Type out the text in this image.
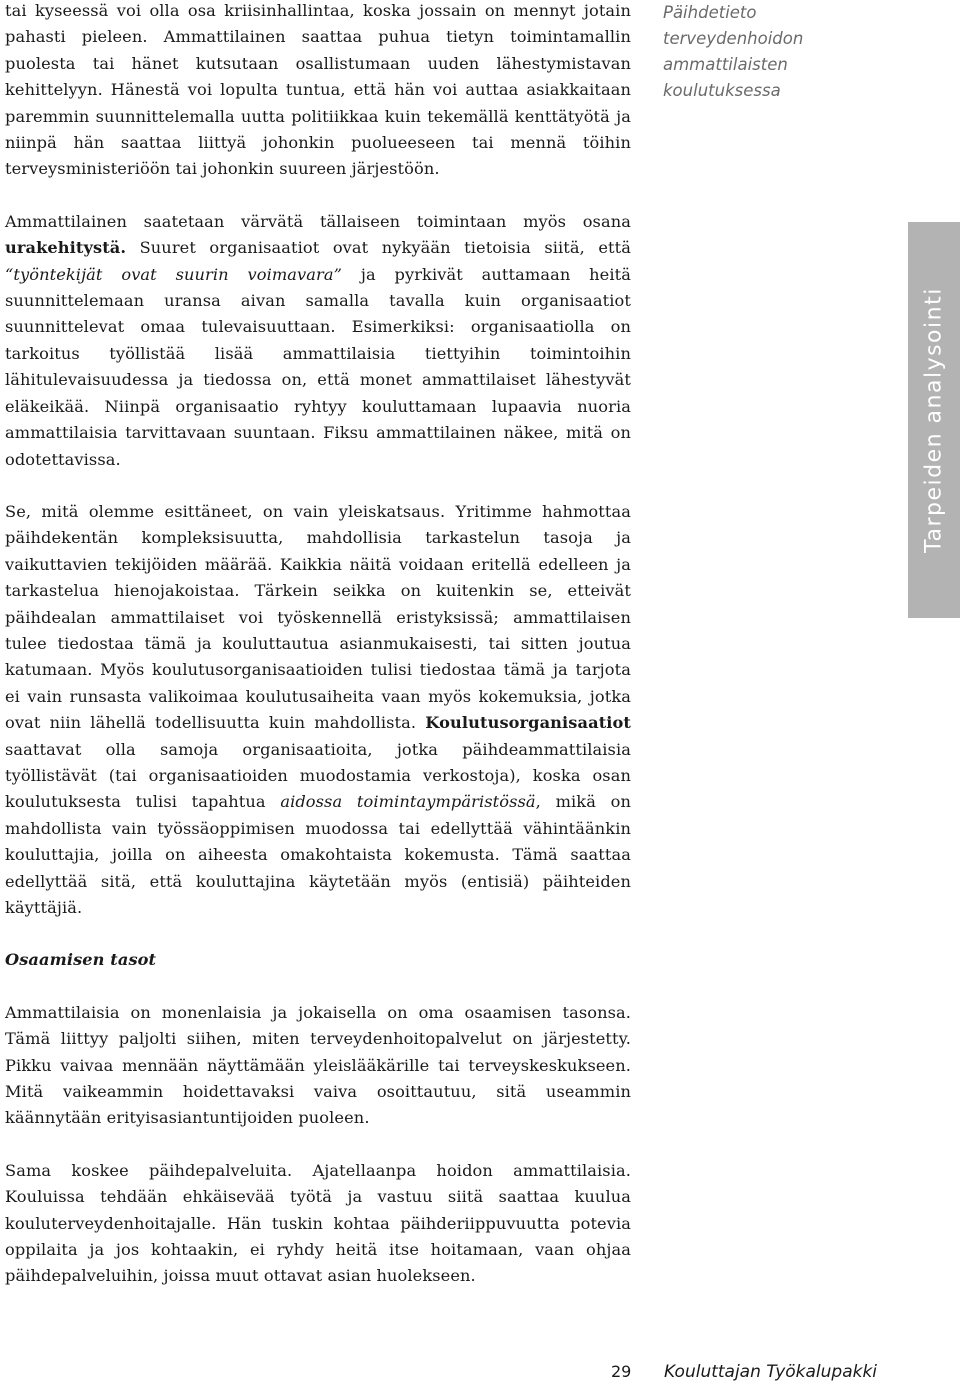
tai kyseessä voi olla osa kriisinhallintaa, koska jossain on mennyt jotain pahasti pieleen. Ammattilainen saattaa puhua tietyn toimintamallin puolesta tai hänet kutsutaan osallistumaan uuden lähestymistavan kehittelyyn. Hänestä voi lopulta tuntua, että hän voi auttaa asiakkaitaan paremmin suunnittelemalla uutta politiikkaa kuin tekemällä kenttätyötä ja niinpä hän saattaa liittyä johonkin puolueeseen tai mennä töihin terveysministeriöön tai johonkin suureen järjestöön.

Ammattilainen saatetaan värvätä tällaiseen toimintaan myös osana urakehitystä. Suuret organisaatiot ovat nykyään tietoisia siitä, että “työntekijät ovat suurin voimavara” ja pyrkivät auttamaan heitä suunnittelemaan uransa aivan samalla tavalla kuin organisaatiot suunnittelevat omaa tulevaisuuttaan. Esimerkiksi: organisaatiolla on tarkoitus työllistää lisää ammattilaisia tiettyihin toimintoihin lähitulevaisuudessa ja tiedossa on, että monet ammattilaiset lähestyvät eläkeikää. Niinpä organisaatio ryhtyy kouluttamaan lupaavia nuoria ammattilaisia tarvittavaan suuntaan. Fiksu ammattilainen näkee, mitä on odotettavissa.

Se, mitä olemme esittäneet, on vain yleiskatsaus. Yritimme hahmottaa päihdekentän kompleksisuutta, mahdollisia tarkastelun tasoja ja vaikuttavien tekijöiden määrää. Kaikkia näitä voidaan eritellä edelleen ja tarkastelua hienojakoistaa. Tärkein seikka on kuitenkin se, etteivät päihdealan ammattilaiset voi työskennellä eristyksissä; ammattilaisen tulee tiedostaa tämä ja kouluttautua asianmukaisesti, tai sitten joutua katumaan. Myös koulutusorganisaatioiden tulisi tiedostaa tämä ja tarjota ei vain runsasta valikoimaa koulutusaiheita vaan myös kokemuksia, jotka ovat niin lähellä todellisuutta kuin mahdollista. Koulutusorganisaatiot saattavat olla samoja organisaatioita, jotka päihdeammattilaisia työllistävät (tai organisaatioiden muodostamia verkostoja), koska osan koulutuksesta tulisi tapahtua aidossa toimintaympäristössä, mikä on mahdollista vain työssäoppimisen muodossa tai edellyttää vähintäänkin kouluttajia, joilla on aiheesta omakohtaista kokemusta. Tämä saattaa edellyttää sitä, että kouluttajina käytetään myös (entisiä) päihteiden käyttäjiä.

Osaamisen tasot

Ammattilaisia on monenlaisia ja jokaisella on oma osaamisen tasonsa. Tämä liittyy paljolti siihen, miten terveydenhoitopalvelut on järjestetty. Pikku vaivaa mennään näyttämään yleislääkärille tai terveyskeskukseen. Mitä vaikeammin hoidettavaksi vaiva osoittautuu, sitä useammin käännytään erityisasiantuntijoiden puoleen.

Sama koskee päihdepalveluita. Ajatellaanpa hoidon ammattilaisia. Kouluissa tehdään ehkäisevää työtä ja vastuu siitä saattaa kuulua kouluterveydenhoitajalle. Hän tuskin kohtaa päihderiippuvuutta potevia oppilaita ja jos kohtaakin, ei ryhdy heitä itse hoitamaan, vaan ohjaa päihdepalveluihin, joissa muut ottavat asian huolekseen.

Päihdetieto
terveydenhoidon
ammattilaisten
koulutuksessa
Tarpeiden analysointi
29 Kouluttajan Työkalupakki
